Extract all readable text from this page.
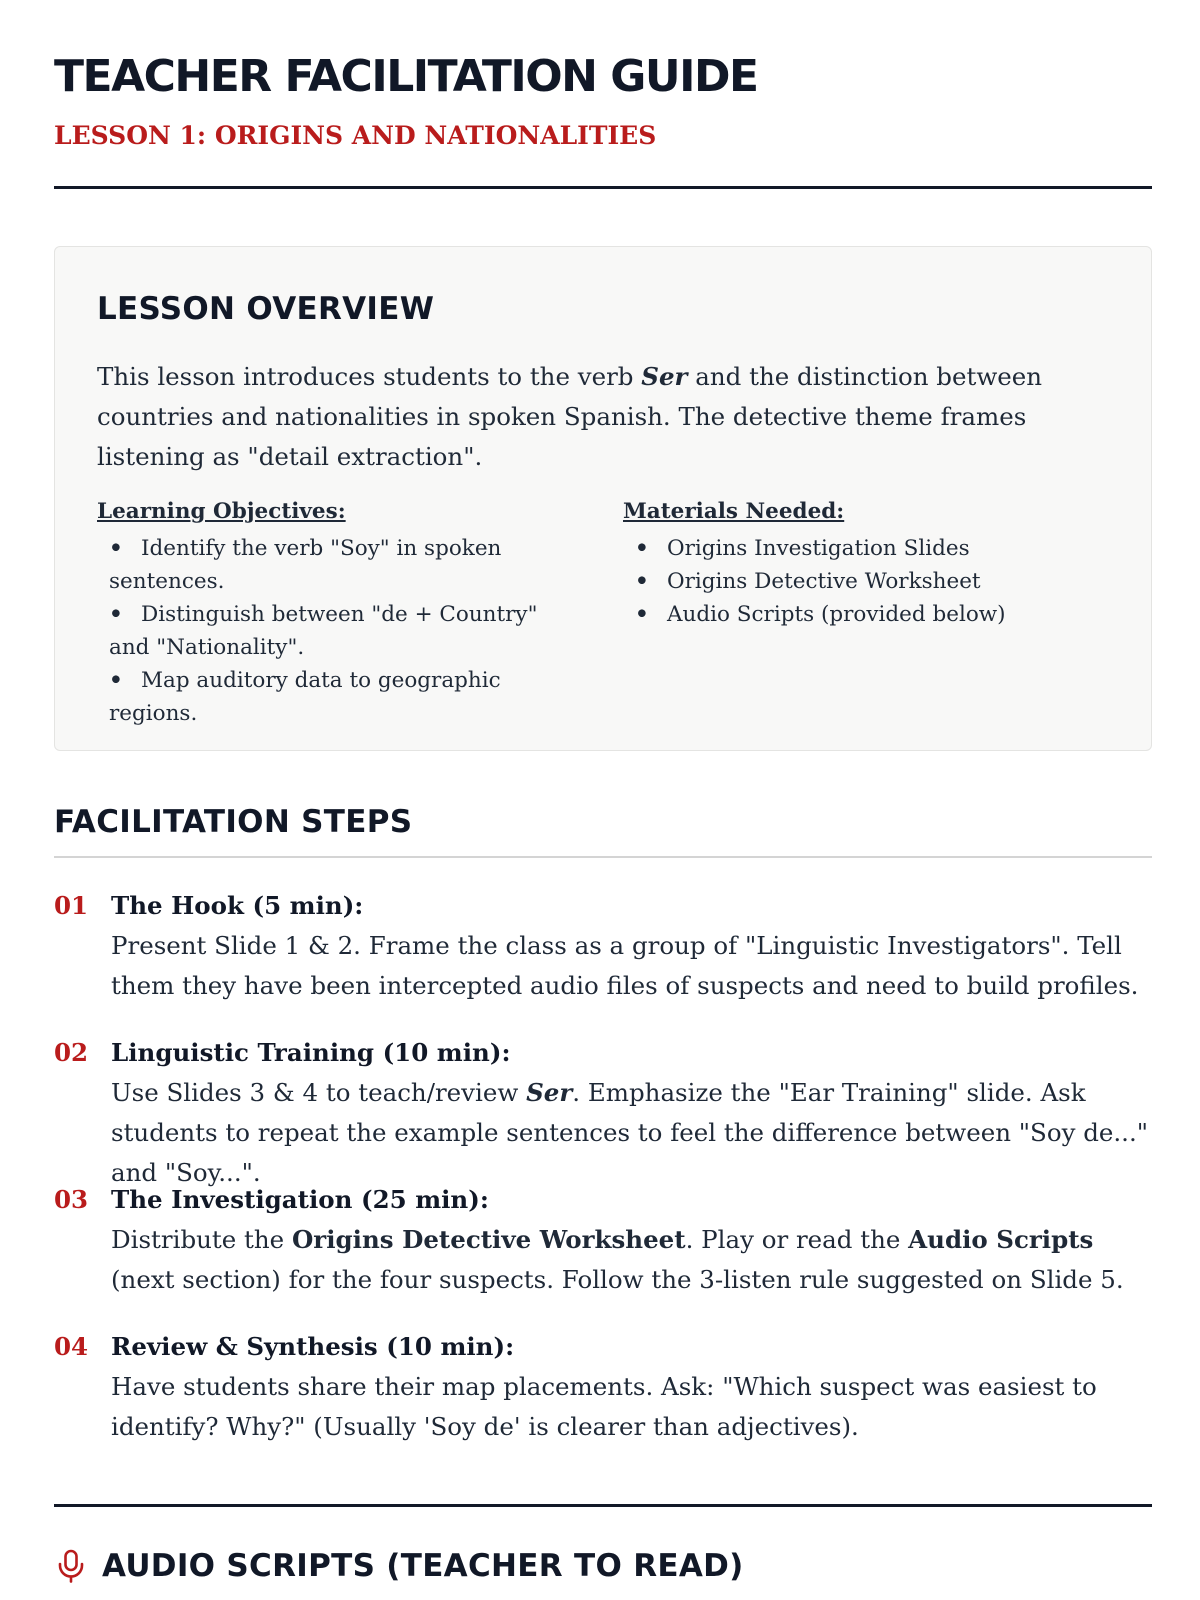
TEACHER FACILITATION GUIDE
LESSON 1: ORIGINS AND NATIONALITIES
LESSON OVERVIEW

This lesson introduces students to the verb Ser and the distinction between countries and nationalities in spoken Spanish. The detective theme frames listening as "detail extraction".

Learning Objectives:
• Identify the verb "Soy" in spoken sentences.
• Distinguish between "de + Country" and "Nationality".
• Map auditory data to geographic regions.
Materials Needed:
• Origins Investigation Slides
• Origins Detective Worksheet
• Audio Scripts (provided below)
FACILITATION STEPS
01 The Hook (5 min):

Present Slide 1 & 2. Frame the class as a group of "Linguistic Investigators". Tell them they have been intercepted audio files of suspects and need to build profiles.

02 Linguistic Training (10 min):

Use Slides 3 & 4 to teach/review Ser. Emphasize the "Ear Training" slide. Ask students to repeat the example sentences to feel the difference between "Soy de..." and "Soy...".

03 The Investigation (25 min):

Distribute the Origins Detective Worksheet. Play or read the Audio Scripts (next section) for the four suspects. Follow the 3-listen rule suggested on Slide 5.

04 Review & Synthesis (10 min):

Have students share their map placements. Ask: "Which suspect was easiest to identify? Why?" (Usually 'Soy de' is clearer than adjectives).

AUDIO SCRIPTS (TEACHER TO READ)
